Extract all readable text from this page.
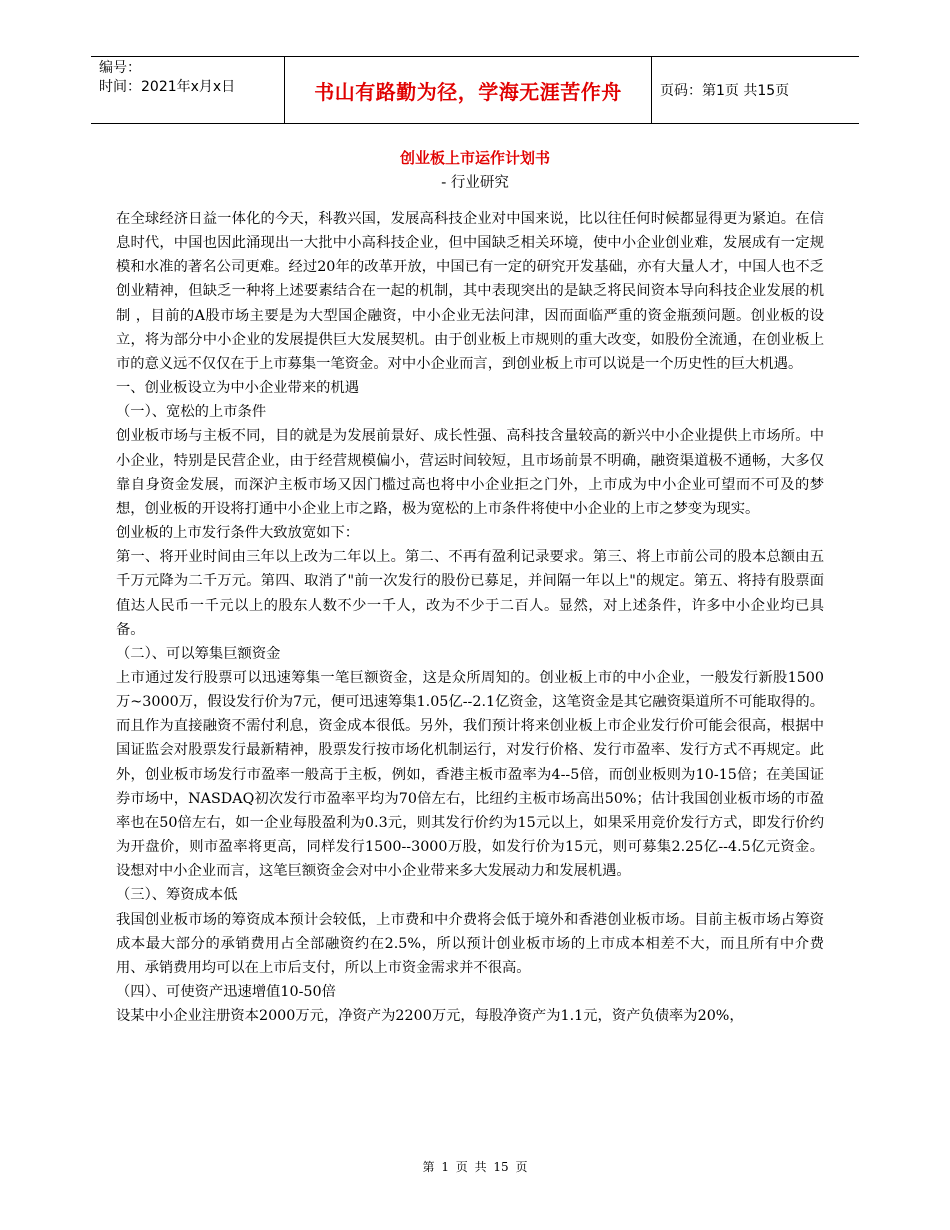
编号：
时间：2021年x月x日	书山有路勤为径，学海无涯苦作舟	页码：第1页 共15页
创业板上市运作计划书
- 行业研究

在全球经济日益一体化的今天，科教兴国，发展高科技企业对中国来说，比以往任何时候都显得更为紧迫。在信息时代，中国也因此涌现出一大批中小高科技企业，但中国缺乏相关环境，使中小企业创业难，发展成有一定规模和水准的著名公司更难。经过20年的改革开放，中国已有一定的研究开发基础，亦有大量人才，中国人也不乏创业精神，但缺乏一种将上述要素结合在一起的机制，其中表现突出的是缺乏将民间资本导向科技企业发展的机制 ，目前的A股市场主要是为大型国企融资，中小企业无法问津，因而面临严重的资金瓶颈问题。创业板的设立，将为部分中小企业的发展提供巨大发展契机。由于创业板上市规则的重大改变，如股份全流通，在创业板上市的意义远不仅仅在于上市募集一笔资金。对中小企业而言，到创业板上市可以说是一个历史性的巨大机遇。

一、创业板设立为中小企业带来的机遇

（一）、宽松的上市条件

创业板市场与主板不同，目的就是为发展前景好、成长性强、高科技含量较高的新兴中小企业提供上市场所。中小企业，特别是民营企业，由于经营规模偏小，营运时间较短，且市场前景不明确，融资渠道极不通畅，大多仅靠自身资金发展，而深沪主板市场又因门槛过高也将中小企业拒之门外，上市成为中小企业可望而不可及的梦想，创业板的开设将打通中小企业上市之路，极为宽松的上市条件将使中小企业的上市之梦变为现实。

创业板的上市发行条件大致放宽如下：

第一、将开业时间由三年以上改为二年以上。第二、不再有盈利记录要求。第三、将上市前公司的股本总额由五千万元降为二千万元。第四、取消了"前一次发行的股份已募足，并间隔一年以上"的规定。第五、将持有股票面值达人民币一千元以上的股东人数不少一千人，改为不少于二百人。显然，对上述条件，许多中小企业均已具备。

（二）、可以筹集巨额资金

上市通过发行股票可以迅速筹集一笔巨额资金，这是众所周知的。创业板上市的中小企业，一般发行新股1500万~3000万，假设发行价为7元，便可迅速筹集1.05亿--2.1亿资金，这笔资金是其它融资渠道所不可能取得的。而且作为直接融资不需付利息，资金成本很低。另外，我们预计将来创业板上市企业发行价可能会很高，根据中国证监会对股票发行最新精神，股票发行按市场化机制运行，对发行价格、发行市盈率、发行方式不再规定。此外，创业板市场发行市盈率一般高于主板，例如，香港主板市盈率为4--5倍，而创业板则为10-15倍；在美国证券市场中，NASDAQ初次发行市盈率平均为70倍左右，比纽约主板市场高出50%；估计我国创业板市场的市盈率也在50倍左右，如一企业每股盈利为0.3元，则其发行价约为15元以上，如果采用竞价发行方式，即发行价约为开盘价，则市盈率将更高，同样发行1500--3000万股，如发行价为15元，则可募集2.25亿--4.5亿元资金。设想对中小企业而言，这笔巨额资金会对中小企业带来多大发展动力和发展机遇。

（三）、筹资成本低

我国创业板市场的筹资成本预计会较低，上市费和中介费将会低于境外和香港创业板市场。目前主板市场占筹资成本最大部分的承销费用占全部融资约在2.5%，所以预计创业板市场的上市成本相差不大，而且所有中介费用、承销费用均可以在上市后支付，所以上市资金需求并不很高。

（四）、可使资产迅速增值10-50倍

设某中小企业注册资本2000万元，净资产为2200万元，每股净资产为1.1元，资产负债率为20%，

第 1 页 共 15 页
